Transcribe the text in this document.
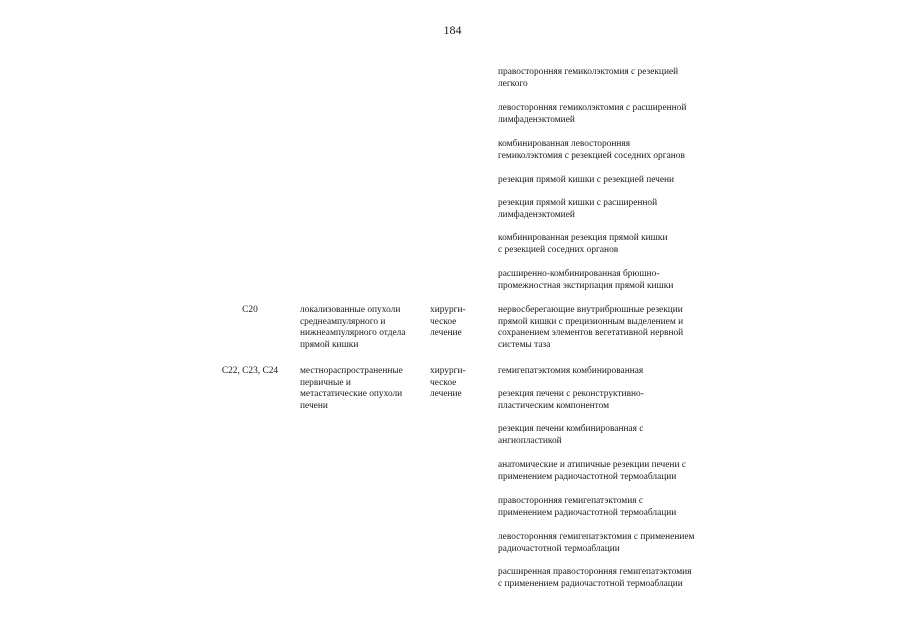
184
правосторонняя гемиколэктомия с резекцией
легкого
левосторонняя гемиколэктомия с расширенной
лимфаденэктомией
комбинированная левосторонняя
гемиколэктомия с резекцией соседних органов
резекция прямой кишки с резекцией печени
резекция прямой кишки с расширенной
лимфаденэктомией
комбинированная резекция прямой кишки
с резекцией соседних органов
расширенно-комбинированная брюшно-
промежностная экстирпация прямой кишки
C20	локализованные опухоли
среднеампулярного и
нижнеампулярного отдела
прямой кишки
хирурги-
ческое
лечение
нервосберегающие внутрибрюшные резекции
прямой кишки с прецизионным выделением и
сохранением элементов вегетативной нервной
системы таза
C22, C23, C24	местнораспространенные
первичные и
метастатические опухоли
печени
хирурги-
ческое
лечение
гемигепатэктомия комбинированная
резекция печени с реконструктивно-
пластическим компонентом
резекция печени комбинированная с
ангиопластикой
анатомические и атипичные резекции печени с
применением радиочастотной термоаблации
правосторонняя гемигепатэктомия с
применением радиочастотной термоаблации
левосторонняя гемигепатэктомия с применением
радиочастотной термоаблации
расширенная правосторонняя гемигепатэктомия
с применением радиочастотной термоаблации
